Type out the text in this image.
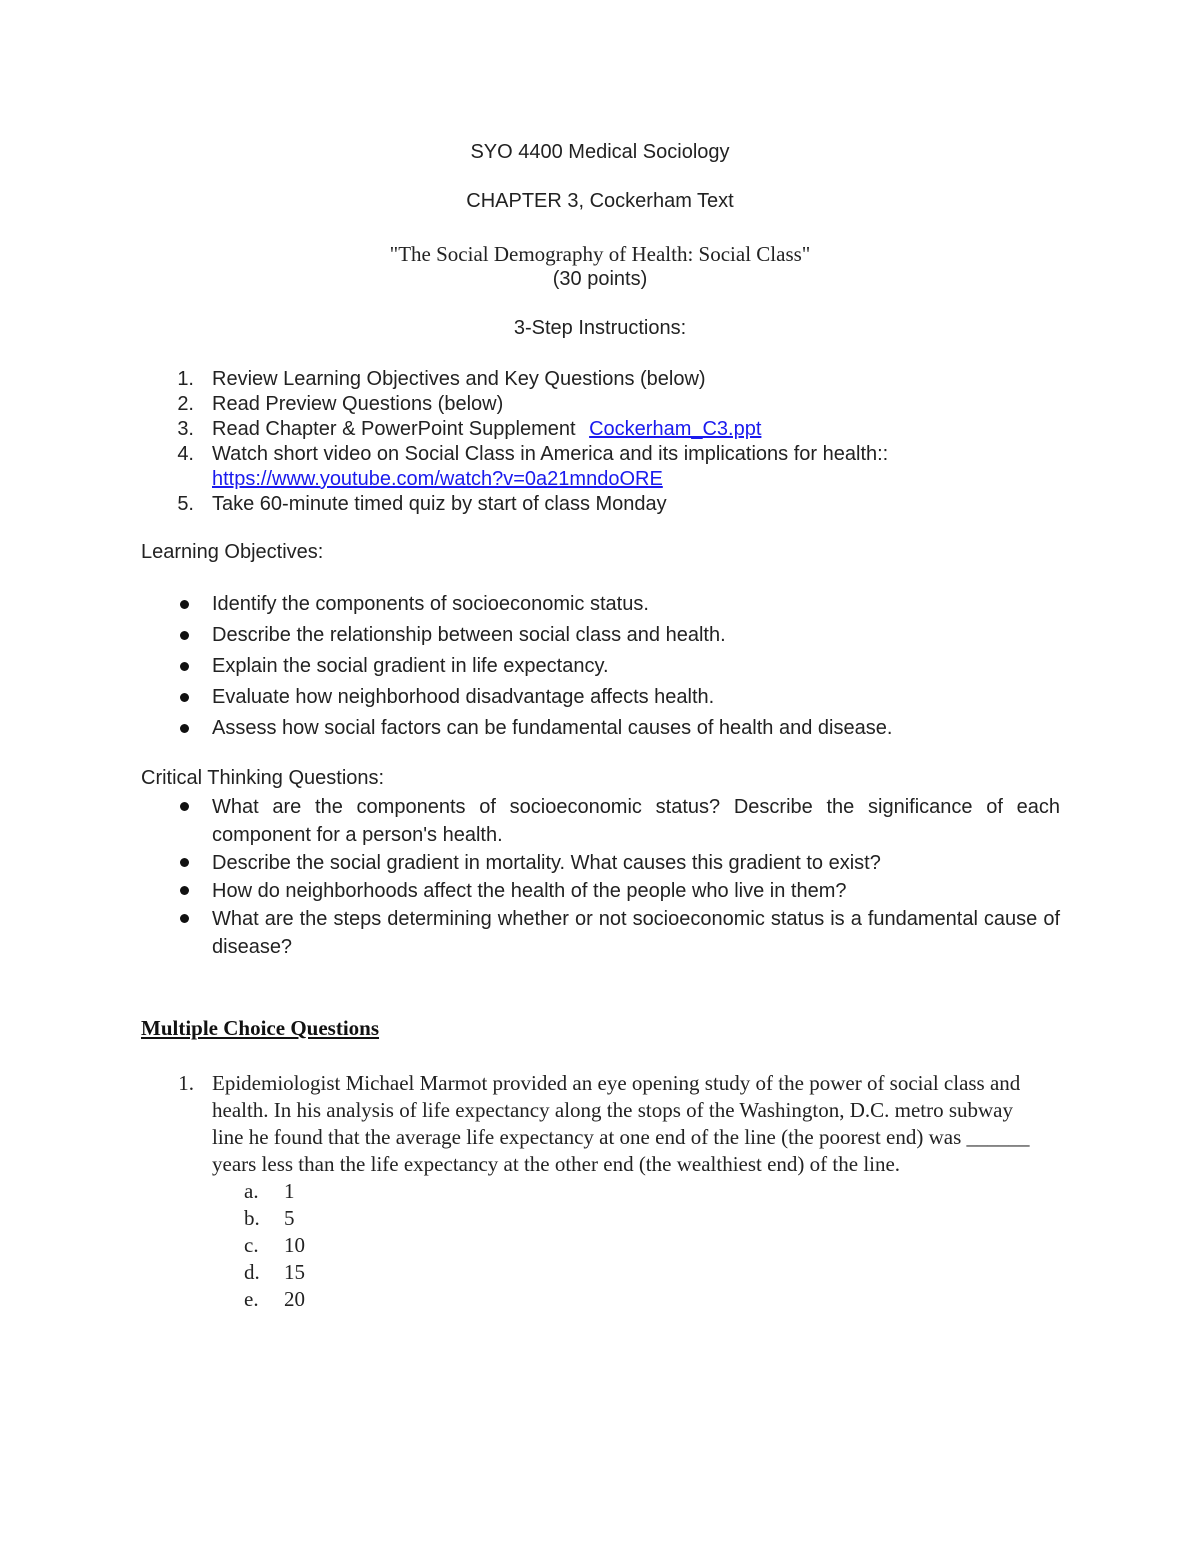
SYO 4400 Medical Sociology
CHAPTER 3, Cockerham Text
"The Social Demography of Health: Social Class"
(30 points)
3-Step Instructions:
1. Review Learning Objectives and Key Questions (below)
2. Read Preview Questions (below)
3. Read Chapter & PowerPoint Supplement Cockerham_C3.ppt
4. Watch short video on Social Class in America and its implications for health::
https://www.youtube.com/watch?v=0a21mndoORE
5. Take 60-minute timed quiz by start of class Monday
Learning Objectives:
Identify the components of socioeconomic status.
Describe the relationship between social class and health.
Explain the social gradient in life expectancy.
Evaluate how neighborhood disadvantage affects health.
Assess how social factors can be fundamental causes of health and disease.
Critical Thinking Questions:
What are the components of socioeconomic status? Describe the significance of each component for a person's health.
Describe the social gradient in mortality. What causes this gradient to exist?
How do neighborhoods affect the health of the people who live in them?
What are the steps determining whether or not socioeconomic status is a fundamental cause of disease?
Multiple Choice Questions
1. Epidemiologist Michael Marmot provided an eye opening study of the power of social class and health. In his analysis of life expectancy along the stops of the Washington, D.C. metro subway line he found that the average life expectancy at one end of the line (the poorest end) was ______ years less than the life expectancy at the other end (the wealthiest end) of the line.
a. 1
b. 5
c. 10
d. 15
e. 20
